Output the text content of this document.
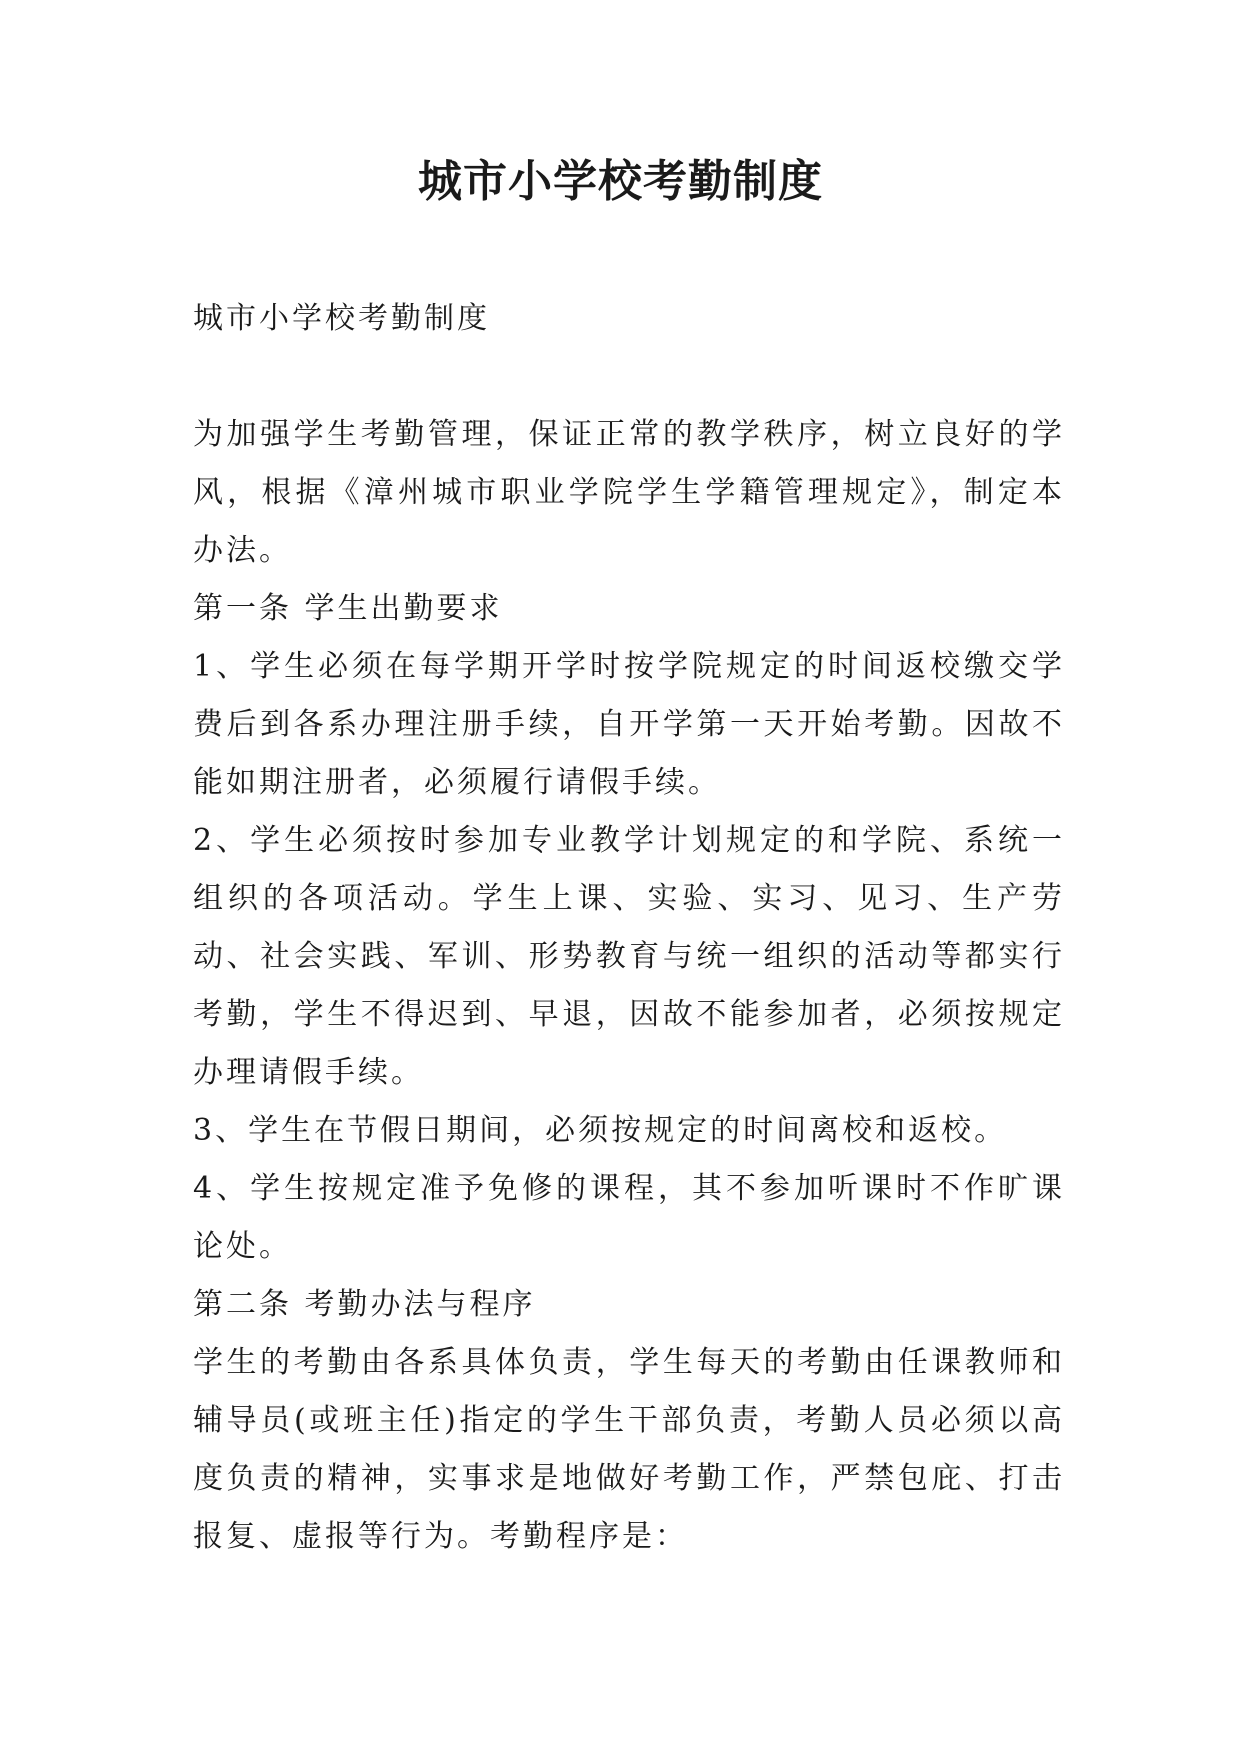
城市小学校考勤制度

城市小学校考勤制度

为加强学生考勤管理，保证正常的教学秩序，树立良好的学风，根据《漳州城市职业学院学生学籍管理规定》，制定本办法。

第一条 学生出勤要求

1、学生必须在每学期开学时按学院规定的时间返校缴交学费后到各系办理注册手续，自开学第一天开始考勤。因故不能如期注册者，必须履行请假手续。

2、学生必须按时参加专业教学计划规定的和学院、系统一组织的各项活动。学生上课、实验、实习、见习、生产劳动、社会实践、军训、形势教育与统一组织的活动等都实行考勤，学生不得迟到、早退，因故不能参加者，必须按规定办理请假手续。

3、学生在节假日期间，必须按规定的时间离校和返校。

4、学生按规定准予免修的课程，其不参加听课时不作旷课论处。

第二条 考勤办法与程序

学生的考勤由各系具体负责，学生每天的考勤由任课教师和辅导员(或班主任)指定的学生干部负责，考勤人员必须以高度负责的精神，实事求是地做好考勤工作，严禁包庇、打击报复、虚报等行为。考勤程序是：
